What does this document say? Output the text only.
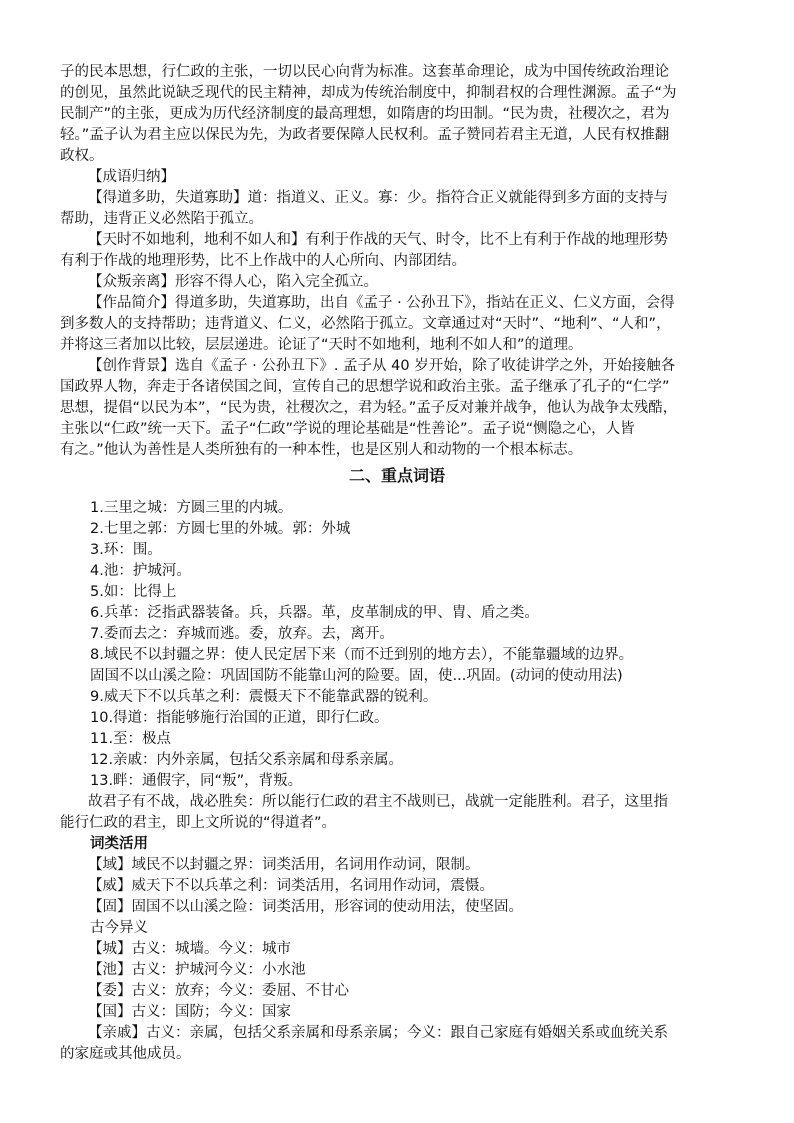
子的民本思想，行仁政的主张，一切以民心向背为标准。这套革命理论，成为中国传统政治理论
的创见，虽然此说缺乏现代的民主精神，却成为传统治制度中，抑制君权的合理性渊源。孟子“为
民制产”的主张，更成为历代经济制度的最高理想，如隋唐的均田制。“民为贵，社稷次之，君为
轻。”孟子认为君主应以保民为先，为政者要保障人民权利。孟子赞同若君主无道，人民有权推翻
政权。
【成语归纳】
【得道多助，失道寡助】道：指道义、正义。寡：少。指符合正义就能得到多方面的支持与
帮助，违背正义必然陷于孤立。
【天时不如地利，地利不如人和】有利于作战的天气、时令，比不上有利于作战的地理形势
有利于作战的地理形势，比不上作战中的人心所向、内部团结。
【众叛亲离】形容不得人心，陷入完全孤立。
【作品简介】得道多助，失道寡助，出自《孟子 · 公孙丑下》，指站在正义、仁义方面，会得
到多数人的支持帮助；违背道义、仁义，必然陷于孤立。文章通过对“天时”、“地利”、“人和”，
并将这三者加以比较，层层递进。论证了“天时不如地利，地利不如人和”的道理。
【创作背景】选自《孟子 · 公孙丑下》. 孟子从 40 岁开始，除了收徒讲学之外，开始接触各
国政界人物，奔走于各诸侯国之间，宣传自己的思想学说和政治主张。孟子继承了孔子的“仁学”
思想，提倡“以民为本”，“民为贵，社稷次之，君为轻。”孟子反对兼并战争，他认为战争太残酷，
主张以“仁政”统一天下。孟子“仁政”学说的理论基础是“性善论”。孟子说“恻隐之心，人皆
有之。”他认为善性是人类所独有的一种本性，也是区别人和动物的一个根本标志。
二、重点词语
1.三里之城：方圆三里的内城。
2.七里之郭：方圆七里的外城。郭：外城
3.环：围。
4.池：护城河。
5.如：比得上
6.兵革：泛指武器装备。兵，兵器。革，皮革制成的甲、胄、盾之类。
7.委而去之：弃城而逃。委，放弃。去，离开。
8.域民不以封疆之界：使人民定居下来（而不迁到别的地方去），不能靠疆域的边界。
固国不以山溪之险：巩固国防不能靠山河的险要。固，使...巩固。(动词的使动用法)
9.威天下不以兵革之利：震慑天下不能靠武器的锐利。
10.得道：指能够施行治国的正道，即行仁政。
11.至：极点
12.亲戚：内外亲属，包括父系亲属和母系亲属。
13.畔：通假字，同“叛”，背叛。
故君子有不战，战必胜矣：所以能行仁政的君主不战则已，战就一定能胜利。君子，这里指
能行仁政的君主，即上文所说的“得道者”。
词类活用
【域】域民不以封疆之界：词类活用，名词用作动词，限制。
【威】威天下不以兵革之利：词类活用，名词用作动词，震慑。
【固】固国不以山溪之险：词类活用，形容词的使动用法，使坚固。
古今异义
【城】古义：城墙。今义：城市
【池】古义：护城河今义：小水池
【委】古义：放弃；今义：委屈、不甘心
【国】古义：国防；今义：国家
【亲戚】古义：亲属，包括父系亲属和母系亲属；今义：跟自己家庭有婚姻关系或血统关系
的家庭或其他成员。
